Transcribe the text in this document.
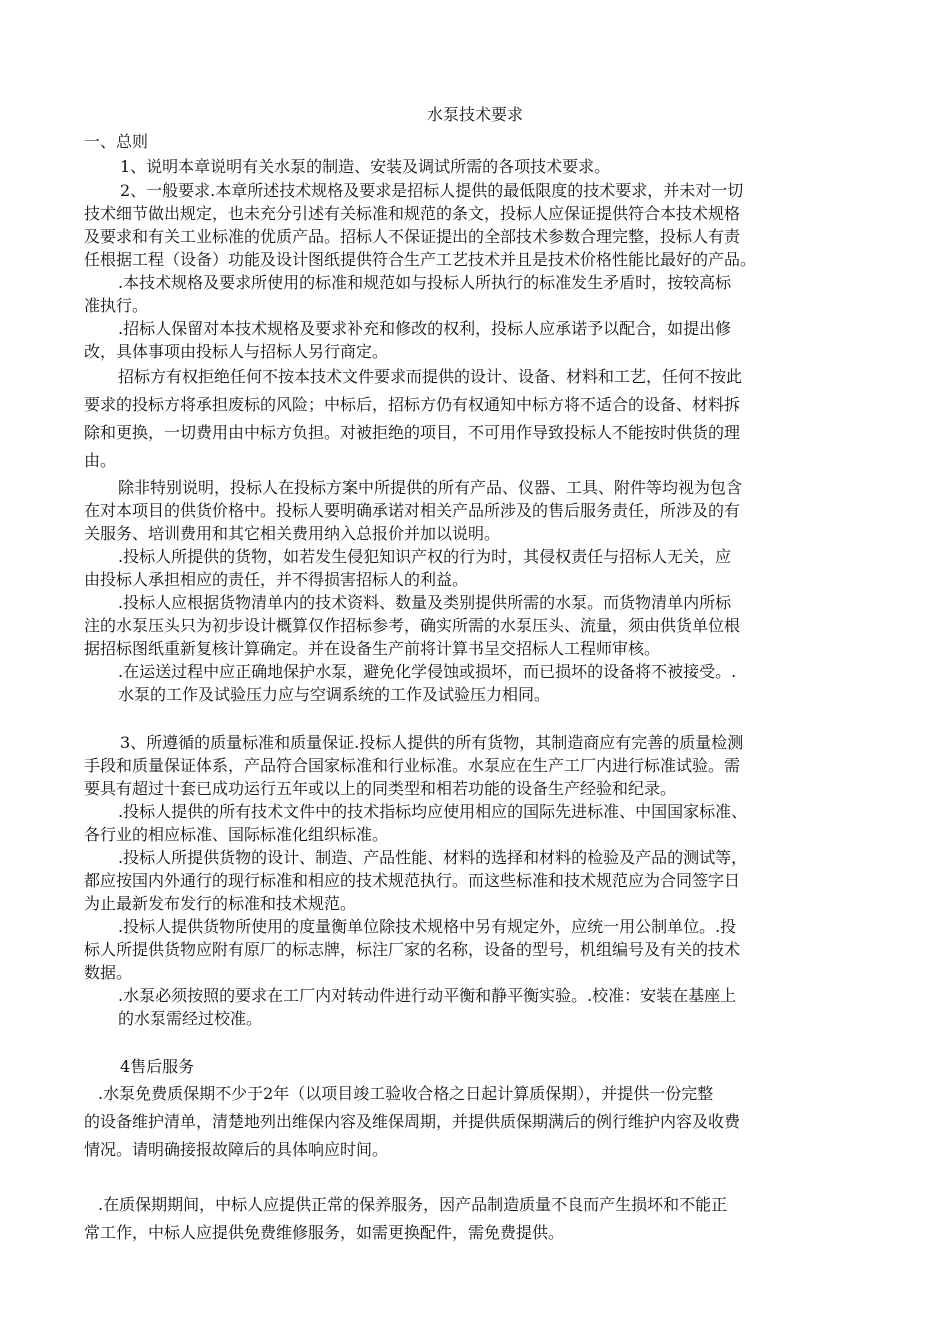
水泵技术要求
一、总则
1、说明本章说明有关水泵的制造、安装及调试所需的各项技术要求。
2、一般要求.本章所述技术规格及要求是招标人提供的最低限度的技术要求，并未对一切
技术细节做出规定，也未充分引述有关标准和规范的条文，投标人应保证提供符合本技术规格
及要求和有关工业标准的优质产品。招标人不保证提出的全部技术参数合理完整，投标人有责
任根据工程（设备）功能及设计图纸提供符合生产工艺技术并且是技术价格性能比最好的产品。
.本技术规格及要求所使用的标准和规范如与投标人所执行的标准发生矛盾时，按较高标
准执行。
.招标人保留对本技术规格及要求补充和修改的权利，投标人应承诺予以配合，如提出修
改，具体事项由投标人与招标人另行商定。
招标方有权拒绝任何不按本技术文件要求而提供的设计、设备、材料和工艺，任何不按此
要求的投标方将承担废标的风险；中标后，招标方仍有权通知中标方将不适合的设备、材料拆
除和更换，一切费用由中标方负担。对被拒绝的项目，不可用作导致投标人不能按时供货的理
由。
除非特别说明，投标人在投标方案中所提供的所有产品、仪器、工具、附件等均视为包含
在对本项目的供货价格中。投标人要明确承诺对相关产品所涉及的售后服务责任，所涉及的有
关服务、培训费用和其它相关费用纳入总报价并加以说明。
.投标人所提供的货物，如若发生侵犯知识产权的行为时，其侵权责任与招标人无关，应
由投标人承担相应的责任，并不得损害招标人的利益。
.投标人应根据货物清单内的技术资料、数量及类别提供所需的水泵。而货物清单内所标
注的水泵压头只为初步设计概算仅作招标参考，确实所需的水泵压头、流量，须由供货单位根
据招标图纸重新复核计算确定。并在设备生产前将计算书呈交招标人工程师审核。
.在运送过程中应正确地保护水泵，避免化学侵蚀或损坏，而已损坏的设备将不被接受。.
水泵的工作及试验压力应与空调系统的工作及试验压力相同。
3、所遵循的质量标准和质量保证.投标人提供的所有货物，其制造商应有完善的质量检测
手段和质量保证体系，产品符合国家标准和行业标准。水泵应在生产工厂内进行标准试验。需
要具有超过十套已成功运行五年或以上的同类型和相若功能的设备生产经验和纪录。
.投标人提供的所有技术文件中的技术指标均应使用相应的国际先进标准、中国国家标准、
各行业的相应标准、国际标准化组织标准。
.投标人所提供货物的设计、制造、产品性能、材料的选择和材料的检验及产品的测试等，
都应按国内外通行的现行标准和相应的技术规范执行。而这些标准和技术规范应为合同签字日
为止最新发布发行的标准和技术规范。
.投标人提供货物所使用的度量衡单位除技术规格中另有规定外，应统一用公制单位。.投
标人所提供货物应附有原厂的标志牌，标注厂家的名称，设备的型号，机组编号及有关的技术
数据。
.水泵必须按照的要求在工厂内对转动件进行动平衡和静平衡实验。.校准：安装在基座上
的水泵需经过校准。
4售后服务
.水泵免费质保期不少于2年（以项目竣工验收合格之日起计算质保期），并提供一份完整
的设备维护清单，清楚地列出维保内容及维保周期，并提供质保期满后的例行维护内容及收费
情况。请明确接报故障后的具体响应时间。
.在质保期期间，中标人应提供正常的保养服务，因产品制造质量不良而产生损坏和不能正
常工作，中标人应提供免费维修服务，如需更换配件，需免费提供。
